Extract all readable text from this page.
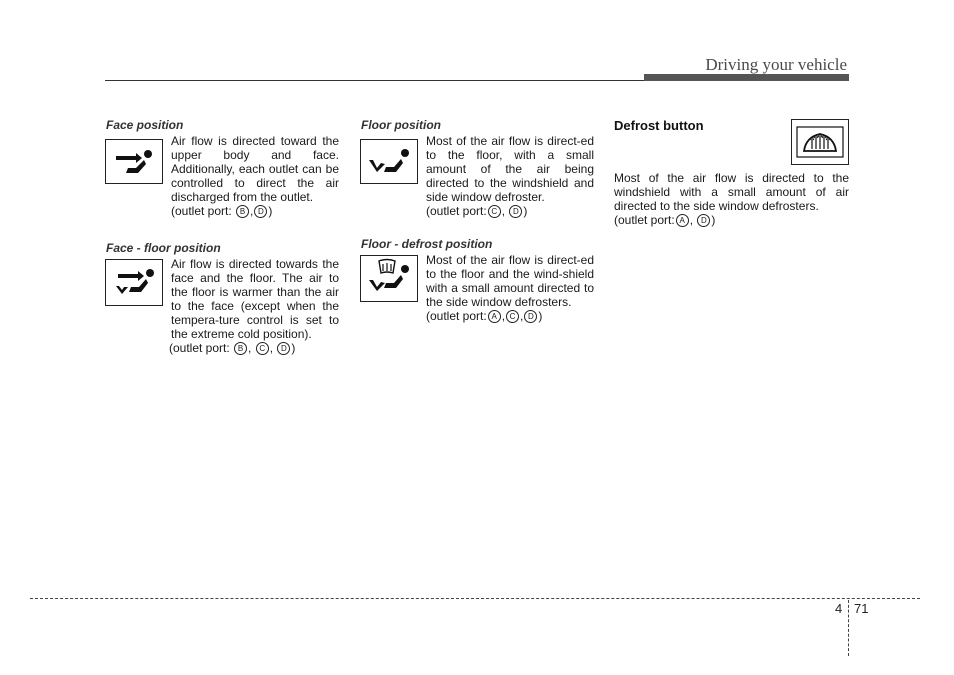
Driving your vehicle
Face position
Air flow is directed toward the upper body and face. Additionally, each outlet can be controlled to direct the air discharged from the outlet.
(outlet port: B , D )
Face - floor position
Air flow is directed towards the face and the floor. The air to the floor is warmer than the air to the face (except when the tempera-ture control is set to the extreme cold position).
(outlet port: B , C , D )
Floor position
Most of the air flow is direct-ed to the floor, with a small amount of the air being directed to the windshield and side window defroster.
(outlet port: C , D )
Floor - defrost position
Most of the air flow is direct-ed to the floor and the wind-shield with a small amount directed to the side window defrosters.
(outlet port: A , C , D )
Defrost button
Most of the air flow is directed to the windshield with a small amount of air directed to the side window defrosters.
(outlet port: A , D )
4 71
